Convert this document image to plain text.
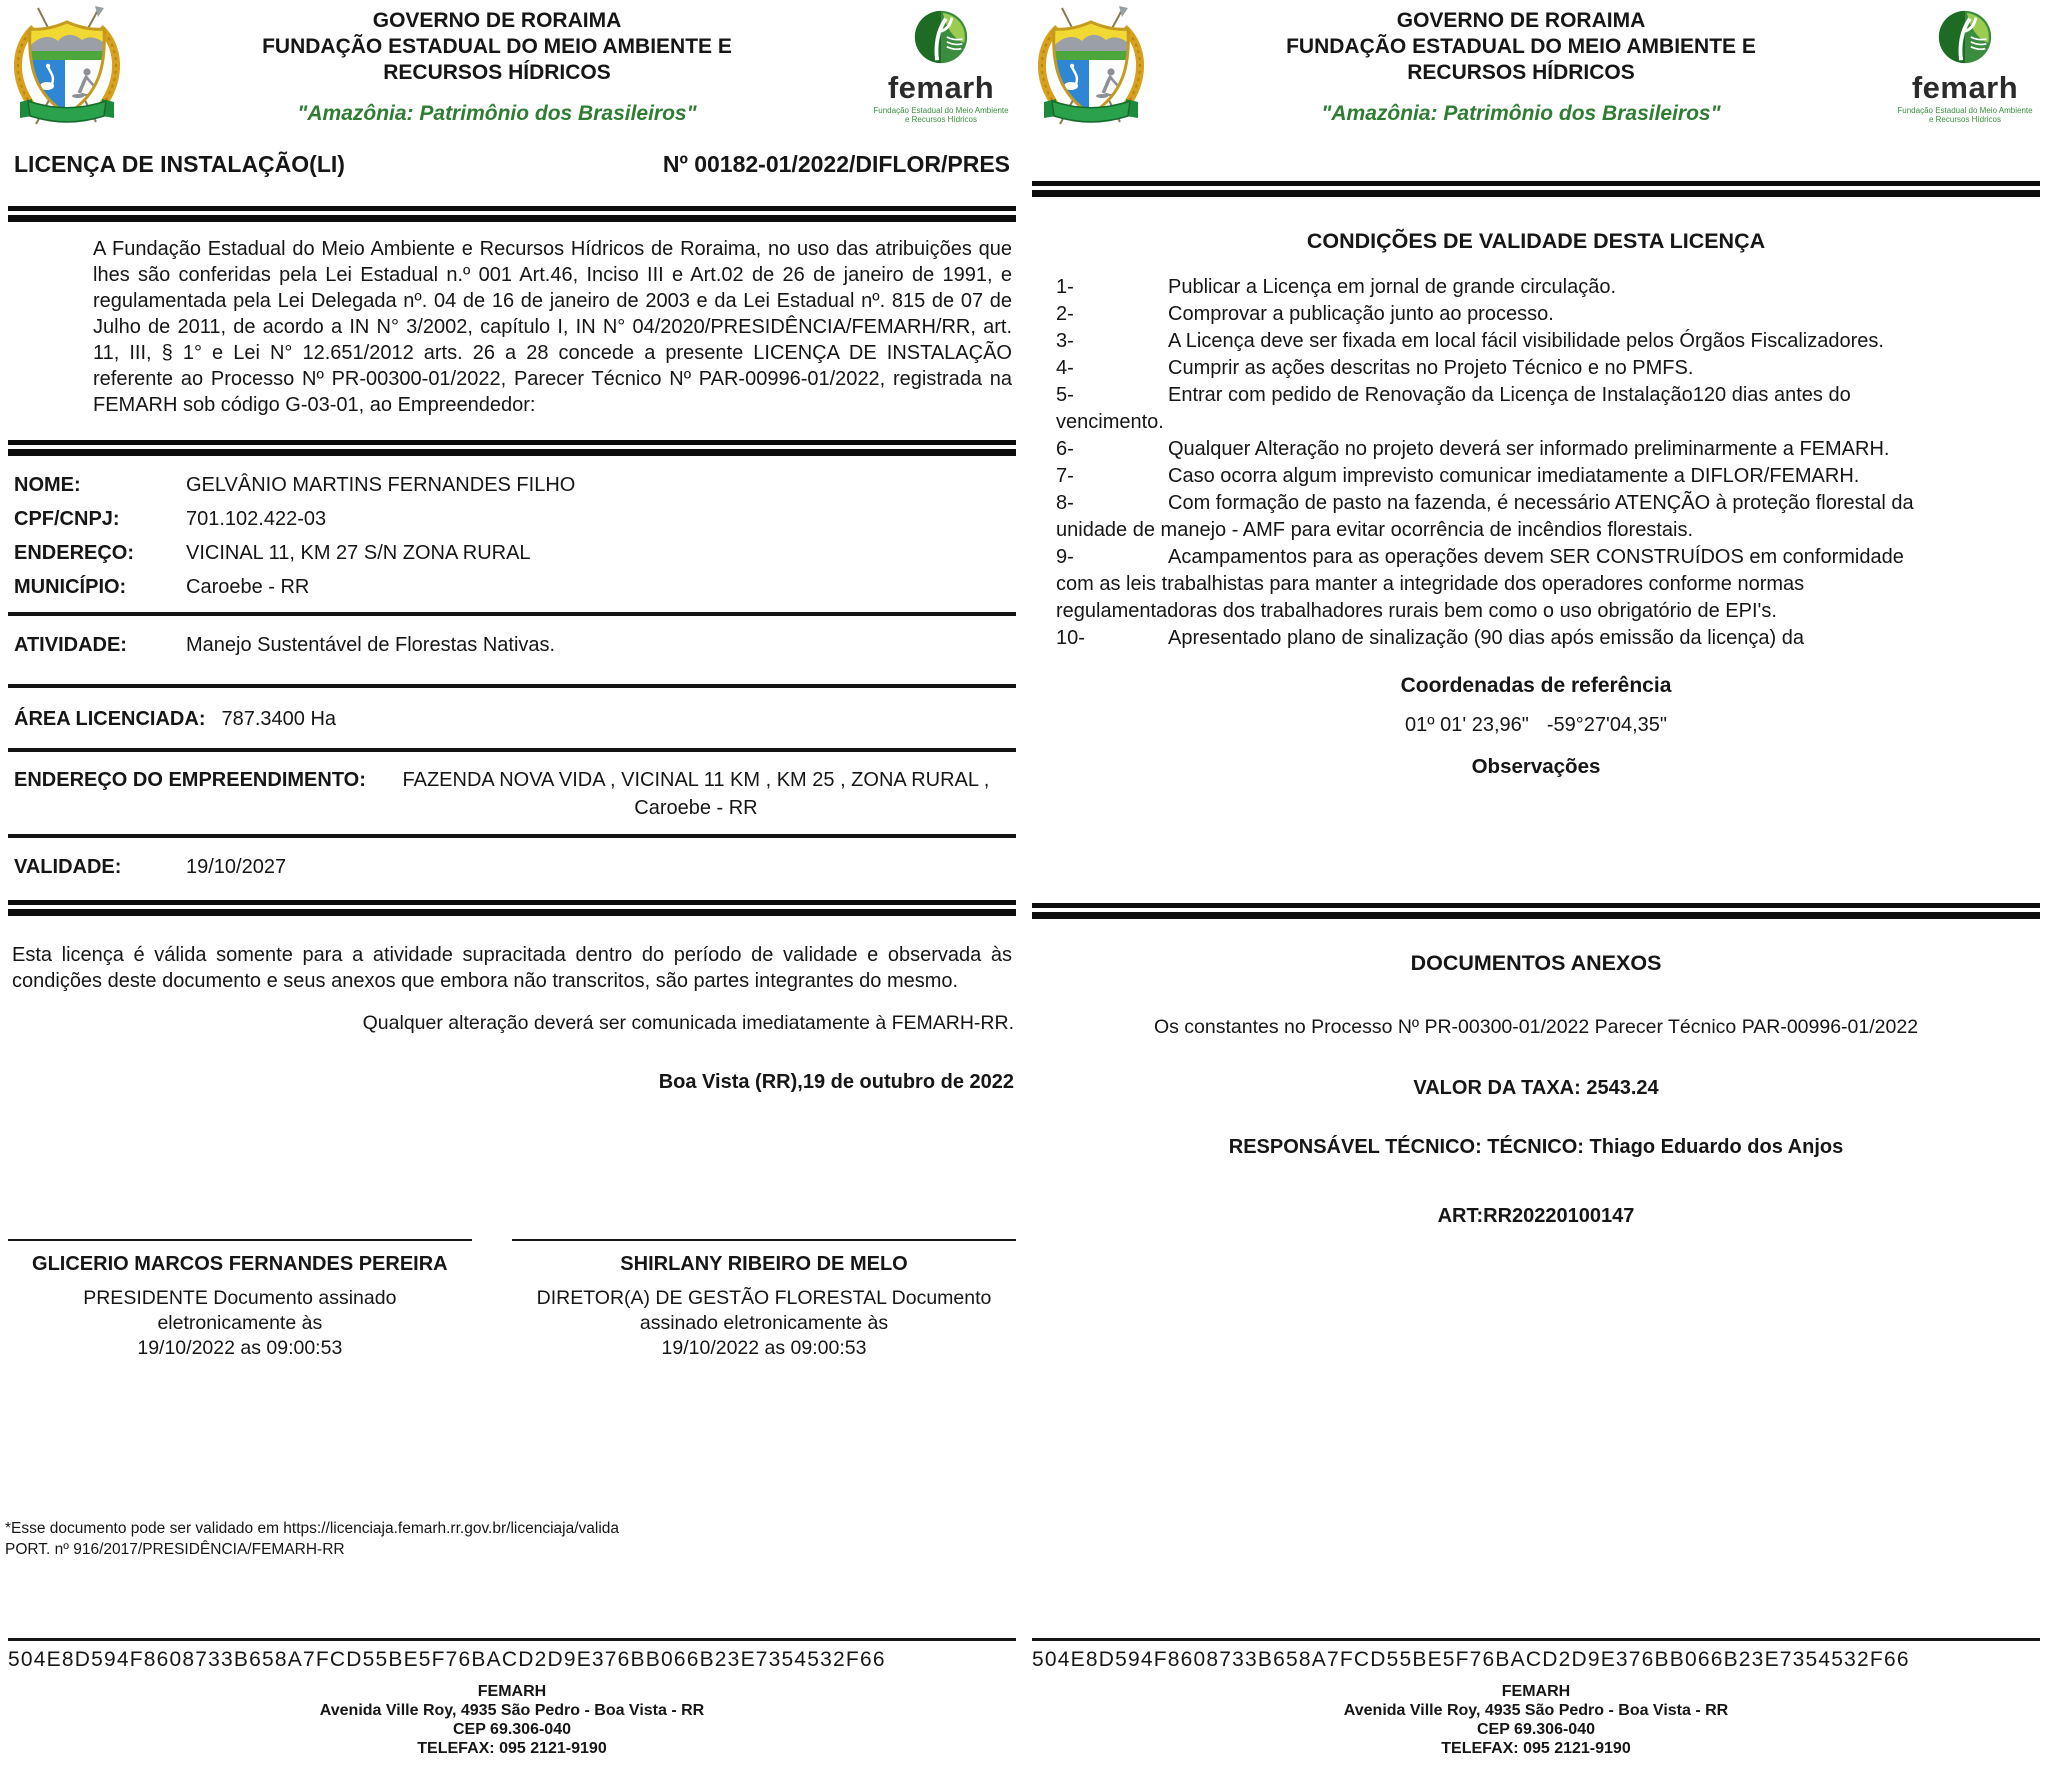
GOVERNO DE RORAIMA
FUNDAÇÃO ESTADUAL DO MEIO AMBIENTE E RECURSOS HÍDRICOS
"Amazônia: Patrimônio dos Brasileiros"
femarh
Fundação Estadual do Meio Ambiente
e Recursos Hídricos
LICENÇA DE INSTALAÇÃO(LI)	Nº 00182-01/2022/DIFLOR/PRES
A Fundação Estadual do Meio Ambiente e Recursos Hídricos de Roraima, no uso das atribuições que lhes são conferidas pela Lei Estadual n.º 001 Art.46, Inciso III e Art.02 de 26 de janeiro de 1991, e regulamentada pela Lei Delegada nº. 04 de 16 de janeiro de 2003 e da Lei Estadual nº. 815 de 07 de Julho de 2011, de acordo a IN N° 3/2002, capítulo I, IN N° 04/2020/PRESIDÊNCIA/FEMARH/RR, art. 11, III, § 1° e Lei N° 12.651/2012 arts. 26 a 28 concede a presente LICENÇA DE INSTALAÇÃO referente ao Processo Nº PR-00300-01/2022, Parecer Técnico Nº PAR-00996-01/2022, registrada na FEMARH sob código G-03-01, ao Empreendedor:
NOME:	GELVÂNIO MARTINS FERNANDES FILHO
CPF/CNPJ:	701.102.422-03
ENDEREÇO:	VICINAL 11, KM 27 S/N ZONA RURAL
MUNICÍPIO:	Caroebe - RR
ATIVIDADE:	Manejo Sustentável de Florestas Nativas.
ÁREA LICENCIADA: 787.3400 Ha
ENDEREÇO DO EMPREENDIMENTO:	FAZENDA NOVA VIDA , VICINAL 11 KM , KM 25 , ZONA RURAL , Caroebe - RR
VALIDADE:	19/10/2027
Esta licença é válida somente para a atividade supracitada dentro do período de validade e observada às condições deste documento e seus anexos que embora não transcritos, são partes integrantes do mesmo.
Qualquer alteração deverá ser comunicada imediatamente à FEMARH-RR.
Boa Vista (RR),19 de outubro de 2022
GLICERIO MARCOS FERNANDES PEREIRA
PRESIDENTE Documento assinado eletronicamente às
19/10/2022 as 09:00:53
SHIRLANY RIBEIRO DE MELO
DIRETOR(A) DE GESTÃO FLORESTAL Documento assinado eletronicamente às
19/10/2022 as 09:00:53
*Esse documento pode ser validado em https://licenciaja.femarh.rr.gov.br/licenciaja/valida
PORT. nº 916/2017/PRESIDÊNCIA/FEMARH-RR
504E8D594F8608733B658A7FCD55BE5F76BACD2D9E376BB066B23E7354532F66
FEMARH
Avenida Ville Roy, 4935 São Pedro - Boa Vista - RR
CEP 69.306-040
TELEFAX: 095 2121-9190
GOVERNO DE RORAIMA
FUNDAÇÃO ESTADUAL DO MEIO AMBIENTE E RECURSOS HÍDRICOS
"Amazônia: Patrimônio dos Brasileiros"
femarh
Fundação Estadual do Meio Ambiente
e Recursos Hídricos
CONDIÇÕES DE VALIDADE DESTA LICENÇA
1-	Publicar a Licença em jornal de grande circulação.
2-	Comprovar a publicação junto ao processo.
3-	A Licença deve ser fixada em local fácil visibilidade pelos Órgãos Fiscalizadores.
4-	Cumprir as ações descritas no Projeto Técnico e no PMFS.
5-	Entrar com pedido de Renovação da Licença de Instalação120 dias antes do vencimento.
6-	Qualquer Alteração no projeto deverá ser informado preliminarmente a FEMARH.
7-	Caso ocorra algum imprevisto comunicar imediatamente a DIFLOR/FEMARH.
8-	Com formação de pasto na fazenda, é necessário ATENÇÃO à proteção florestal da unidade de manejo - AMF para evitar ocorrência de incêndios florestais.
9-	Acampamentos para as operações devem SER CONSTRUÍDOS em conformidade com as leis trabalhistas para manter a integridade dos operadores conforme normas regulamentadoras dos trabalhadores rurais bem como o uso obrigatório de EPI's.
10-	Apresentado plano de sinalização (90 dias após emissão da licença) da
Coordenadas de referência
01º 01' 23,96" -59°27'04,35"
Observações
DOCUMENTOS ANEXOS
Os constantes no Processo Nº PR-00300-01/2022 Parecer Técnico PAR-00996-01/2022
VALOR DA TAXA: 2543.24
RESPONSÁVEL TÉCNICO: TÉCNICO: Thiago Eduardo dos Anjos
ART:RR20220100147
504E8D594F8608733B658A7FCD55BE5F76BACD2D9E376BB066B23E7354532F66
FEMARH
Avenida Ville Roy, 4935 São Pedro - Boa Vista - RR
CEP 69.306-040
TELEFAX: 095 2121-9190
